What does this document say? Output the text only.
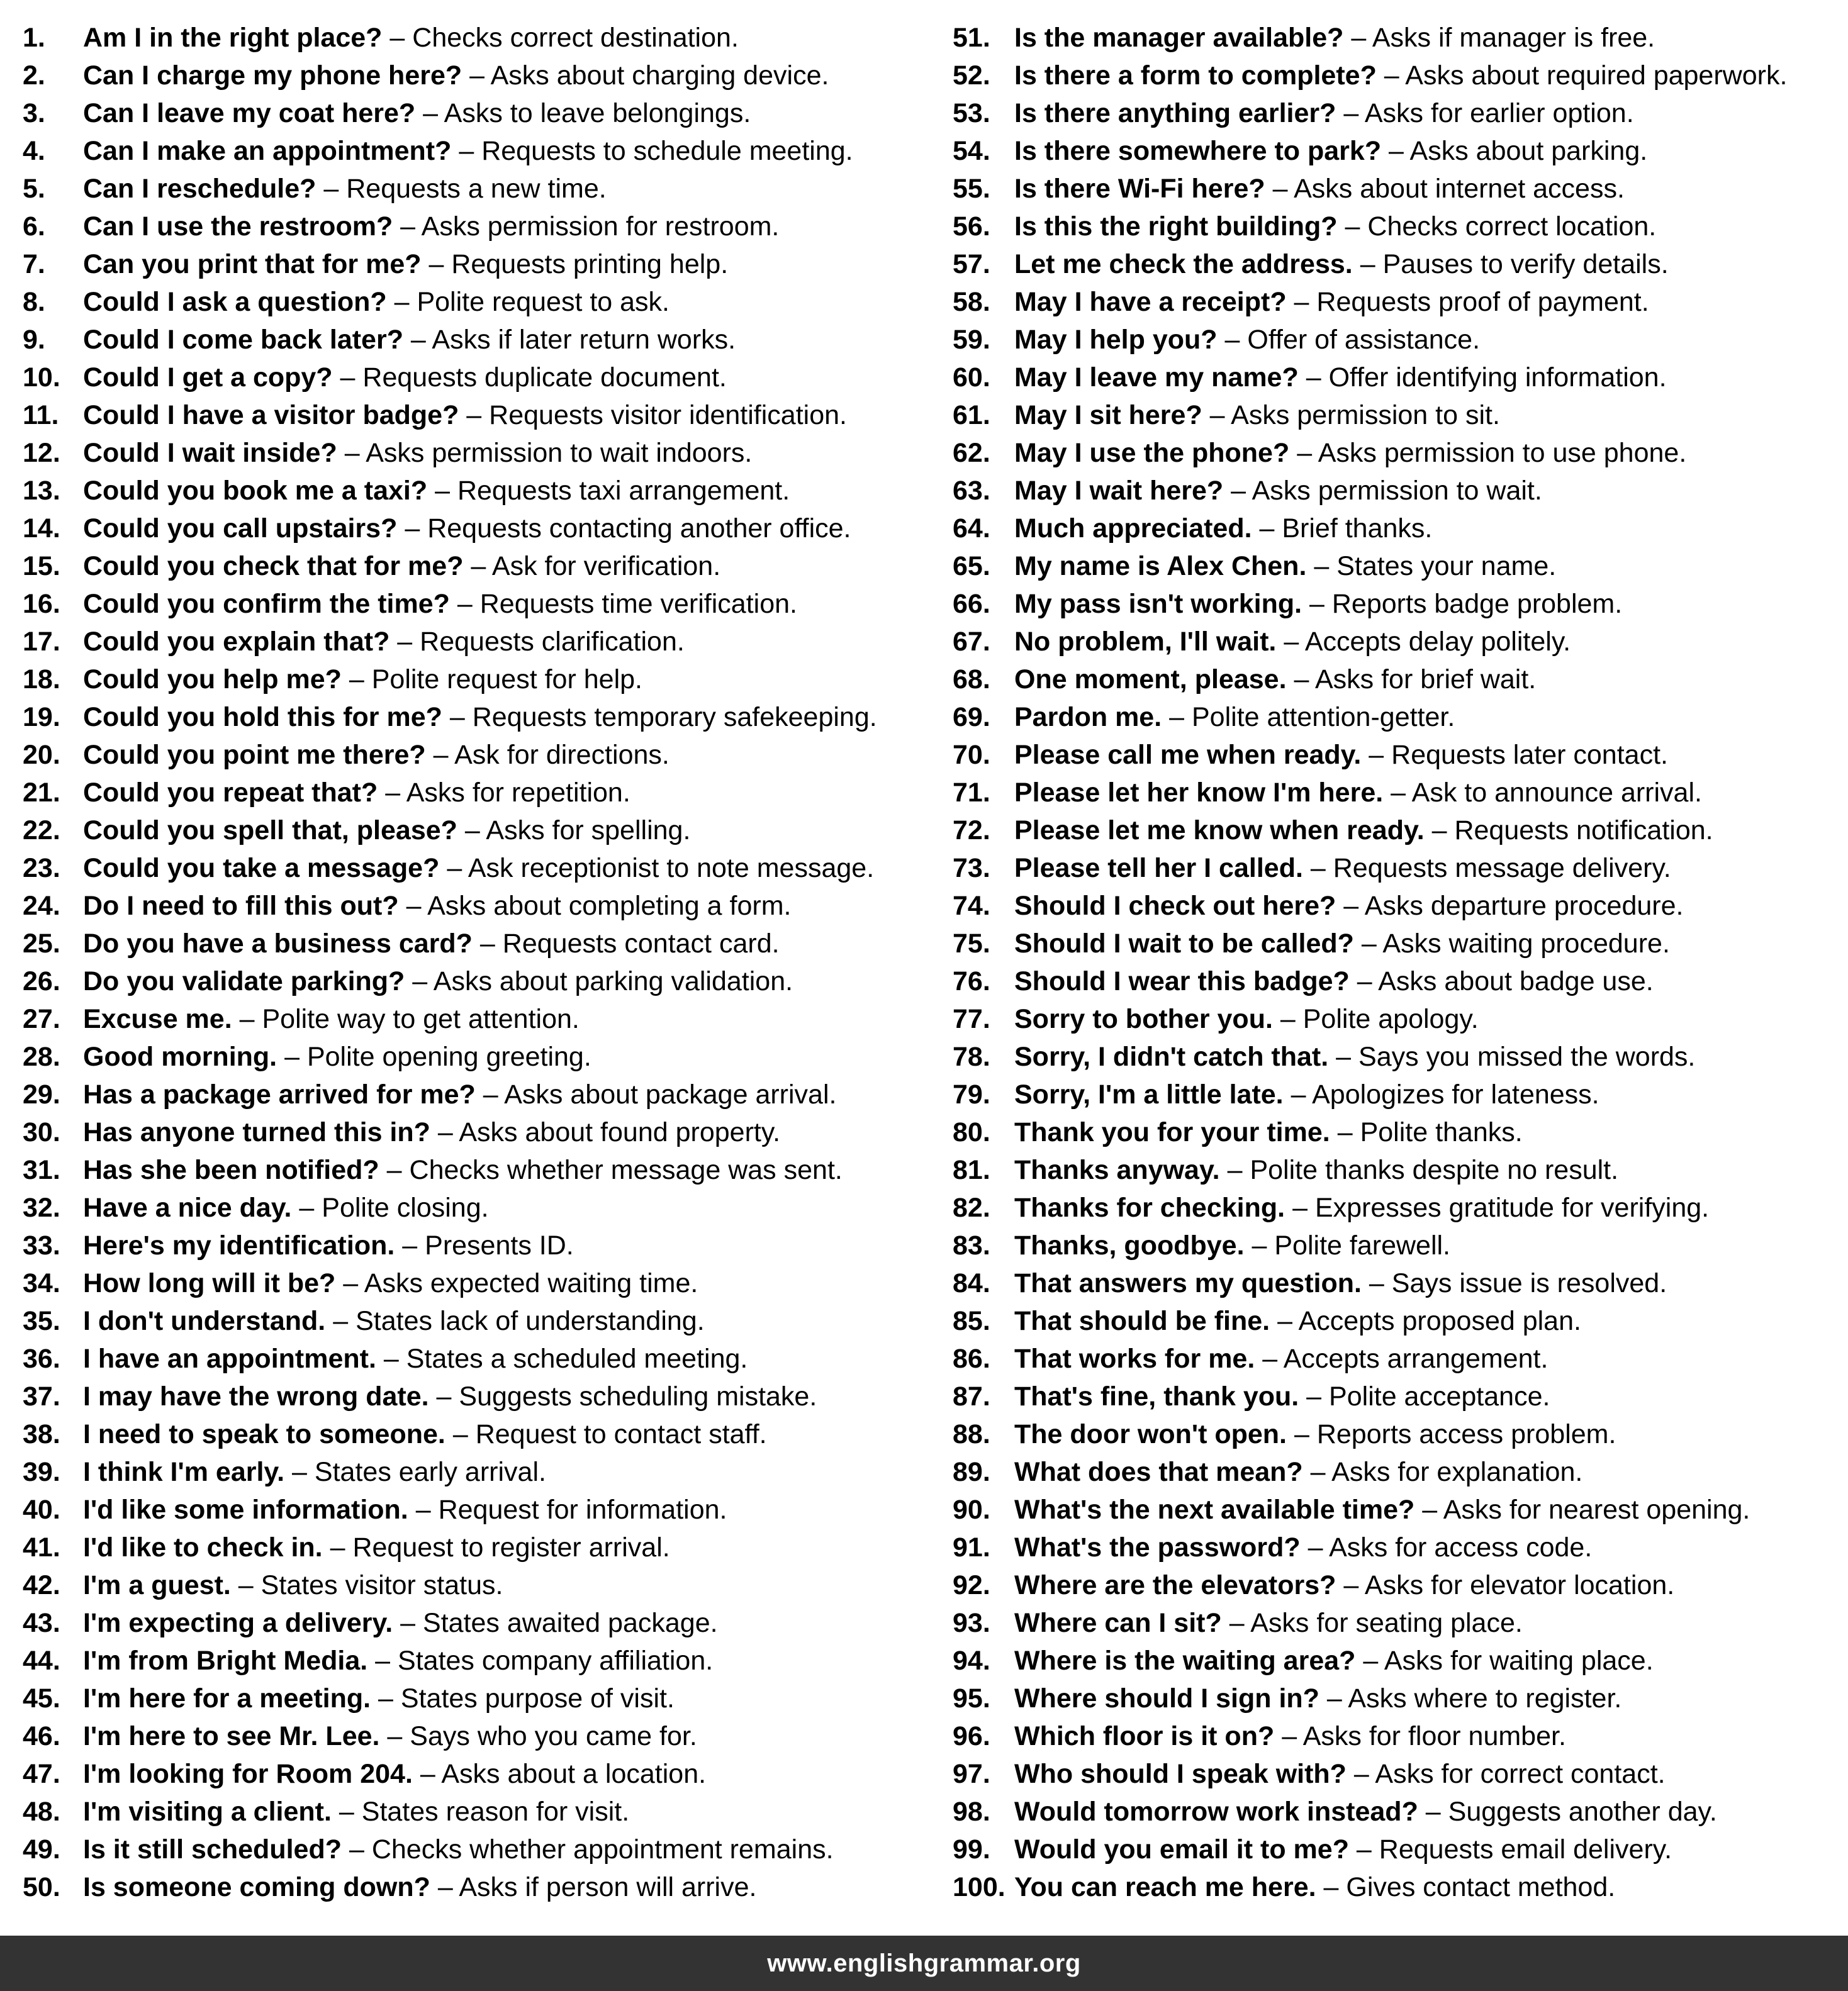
1. Am I in the right place? – Checks correct destination.
2. Can I charge my phone here? – Asks about charging device.
3. Can I leave my coat here? – Asks to leave belongings.
4. Can I make an appointment? – Requests to schedule meeting.
5. Can I reschedule? – Requests a new time.
6. Can I use the restroom? – Asks permission for restroom.
7. Can you print that for me? – Requests printing help.
8. Could I ask a question? – Polite request to ask.
9. Could I come back later? – Asks if later return works.
10. Could I get a copy? – Requests duplicate document.
11. Could I have a visitor badge? – Requests visitor identification.
12. Could I wait inside? – Asks permission to wait indoors.
13. Could you book me a taxi? – Requests taxi arrangement.
14. Could you call upstairs? – Requests contacting another office.
15. Could you check that for me? – Ask for verification.
16. Could you confirm the time? – Requests time verification.
17. Could you explain that? – Requests clarification.
18. Could you help me? – Polite request for help.
19. Could you hold this for me? – Requests temporary safekeeping.
20. Could you point me there? – Ask for directions.
21. Could you repeat that? – Asks for repetition.
22. Could you spell that, please? – Asks for spelling.
23. Could you take a message? – Ask receptionist to note message.
24. Do I need to fill this out? – Asks about completing a form.
25. Do you have a business card? – Requests contact card.
26. Do you validate parking? – Asks about parking validation.
27. Excuse me. – Polite way to get attention.
28. Good morning. – Polite opening greeting.
29. Has a package arrived for me? – Asks about package arrival.
30. Has anyone turned this in? – Asks about found property.
31. Has she been notified? – Checks whether message was sent.
32. Have a nice day. – Polite closing.
33. Here's my identification. – Presents ID.
34. How long will it be? – Asks expected waiting time.
35. I don't understand. – States lack of understanding.
36. I have an appointment. – States a scheduled meeting.
37. I may have the wrong date. – Suggests scheduling mistake.
38. I need to speak to someone. – Request to contact staff.
39. I think I'm early. – States early arrival.
40. I'd like some information. – Request for information.
41. I'd like to check in. – Request to register arrival.
42. I'm a guest. – States visitor status.
43. I'm expecting a delivery. – States awaited package.
44. I'm from Bright Media. – States company affiliation.
45. I'm here for a meeting. – States purpose of visit.
46. I'm here to see Mr. Lee. – Says who you came for.
47. I'm looking for Room 204. – Asks about a location.
48. I'm visiting a client. – States reason for visit.
49. Is it still scheduled? – Checks whether appointment remains.
50. Is someone coming down? – Asks if person will arrive.
51. Is the manager available? – Asks if manager is free.
52. Is there a form to complete? – Asks about required paperwork.
53. Is there anything earlier? – Asks for earlier option.
54. Is there somewhere to park? – Asks about parking.
55. Is there Wi-Fi here? – Asks about internet access.
56. Is this the right building? – Checks correct location.
57. Let me check the address. – Pauses to verify details.
58. May I have a receipt? – Requests proof of payment.
59. May I help you? – Offer of assistance.
60. May I leave my name? – Offer identifying information.
61. May I sit here? – Asks permission to sit.
62. May I use the phone? – Asks permission to use phone.
63. May I wait here? – Asks permission to wait.
64. Much appreciated. – Brief thanks.
65. My name is Alex Chen. – States your name.
66. My pass isn't working. – Reports badge problem.
67. No problem, I'll wait. – Accepts delay politely.
68. One moment, please. – Asks for brief wait.
69. Pardon me. – Polite attention-getter.
70. Please call me when ready. – Requests later contact.
71. Please let her know I'm here. – Ask to announce arrival.
72. Please let me know when ready. – Requests notification.
73. Please tell her I called. – Requests message delivery.
74. Should I check out here? – Asks departure procedure.
75. Should I wait to be called? – Asks waiting procedure.
76. Should I wear this badge? – Asks about badge use.
77. Sorry to bother you. – Polite apology.
78. Sorry, I didn't catch that. – Says you missed the words.
79. Sorry, I'm a little late. – Apologizes for lateness.
80. Thank you for your time. – Polite thanks.
81. Thanks anyway. – Polite thanks despite no result.
82. Thanks for checking. – Expresses gratitude for verifying.
83. Thanks, goodbye. – Polite farewell.
84. That answers my question. – Says issue is resolved.
85. That should be fine. – Accepts proposed plan.
86. That works for me. – Accepts arrangement.
87. That's fine, thank you. – Polite acceptance.
88. The door won't open. – Reports access problem.
89. What does that mean? – Asks for explanation.
90. What's the next available time? – Asks for nearest opening.
91. What's the password? – Asks for access code.
92. Where are the elevators? – Asks for elevator location.
93. Where can I sit? – Asks for seating place.
94. Where is the waiting area? – Asks for waiting place.
95. Where should I sign in? – Asks where to register.
96. Which floor is it on? – Asks for floor number.
97. Who should I speak with? – Asks for correct contact.
98. Would tomorrow work instead? – Suggests another day.
99. Would you email it to me? – Requests email delivery.
100. You can reach me here. – Gives contact method.
www.englishgrammar.org
